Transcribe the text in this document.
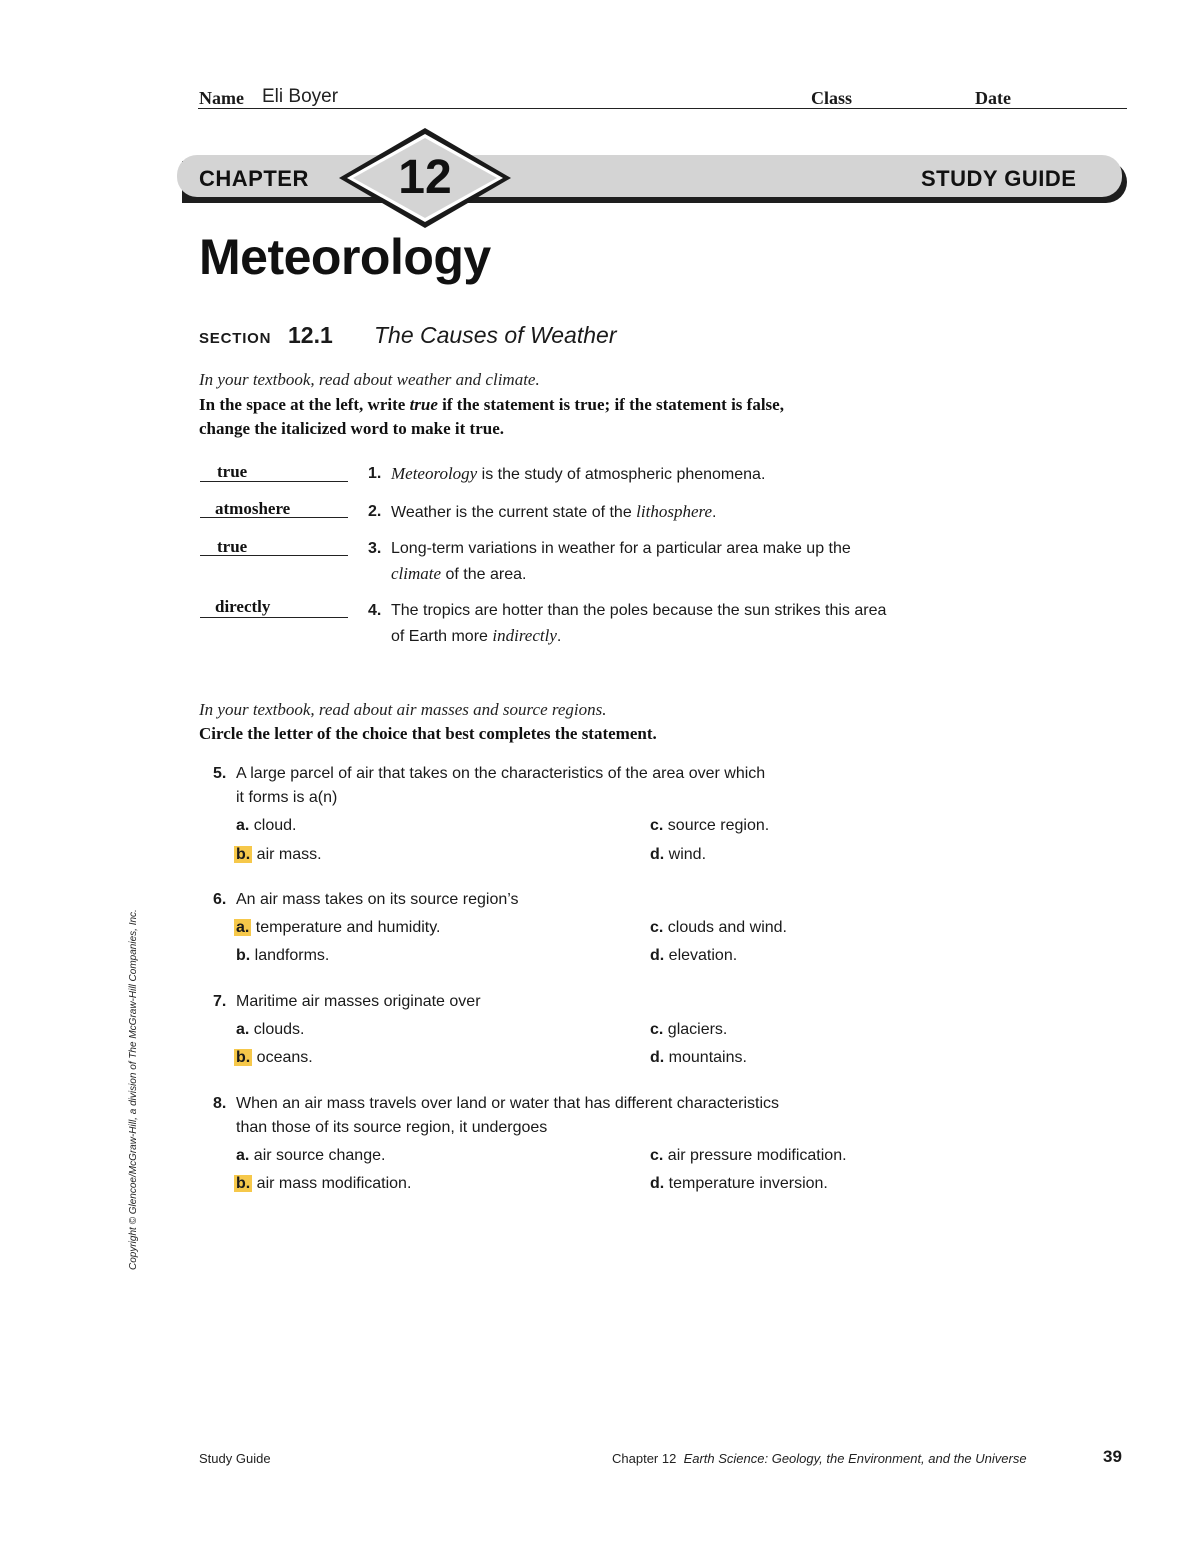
Name Eli Boyer	Class	Date
CHAPTER	12	STUDY GUIDE
Meteorology
SECTION 12.1 The Causes of Weather
In your textbook, read about weather and climate.
In the space at the left, write true if the statement is true; if the statement is false,
change the italicized word to make it true.
true	1. Meteorology is the study of atmospheric phenomena.
atmoshere	2. Weather is the current state of the lithosphere.
true	3. Long-term variations in weather for a particular area make up the
climate of the area.
directly	4. The tropics are hotter than the poles because the sun strikes this area
of Earth more indirectly.
In your textbook, read about air masses and source regions.
Circle the letter of the choice that best completes the statement.
5. A large parcel of air that takes on the characteristics of the area over which
it forms is a(n)
a. cloud.
b. air mass.
c. source region.
d. wind.
6. An air mass takes on its source region’s
a. temperature and humidity.
b. landforms.
c. clouds and wind.
d. elevation.
7. Maritime air masses originate over
a. clouds.
b. oceans.
c. glaciers.
d. mountains.
8. When an air mass travels over land or water that has different characteristics
than those of its source region, it undergoes
a. air source change.
b. air mass modification.
c. air pressure modification.
d. temperature inversion.
Copyright © Glencoe/McGraw-Hill, a division of The McGraw-Hill Companies, Inc.
Study Guide	Chapter 12 Earth Science: Geology, the Environment, and the Universe	39
